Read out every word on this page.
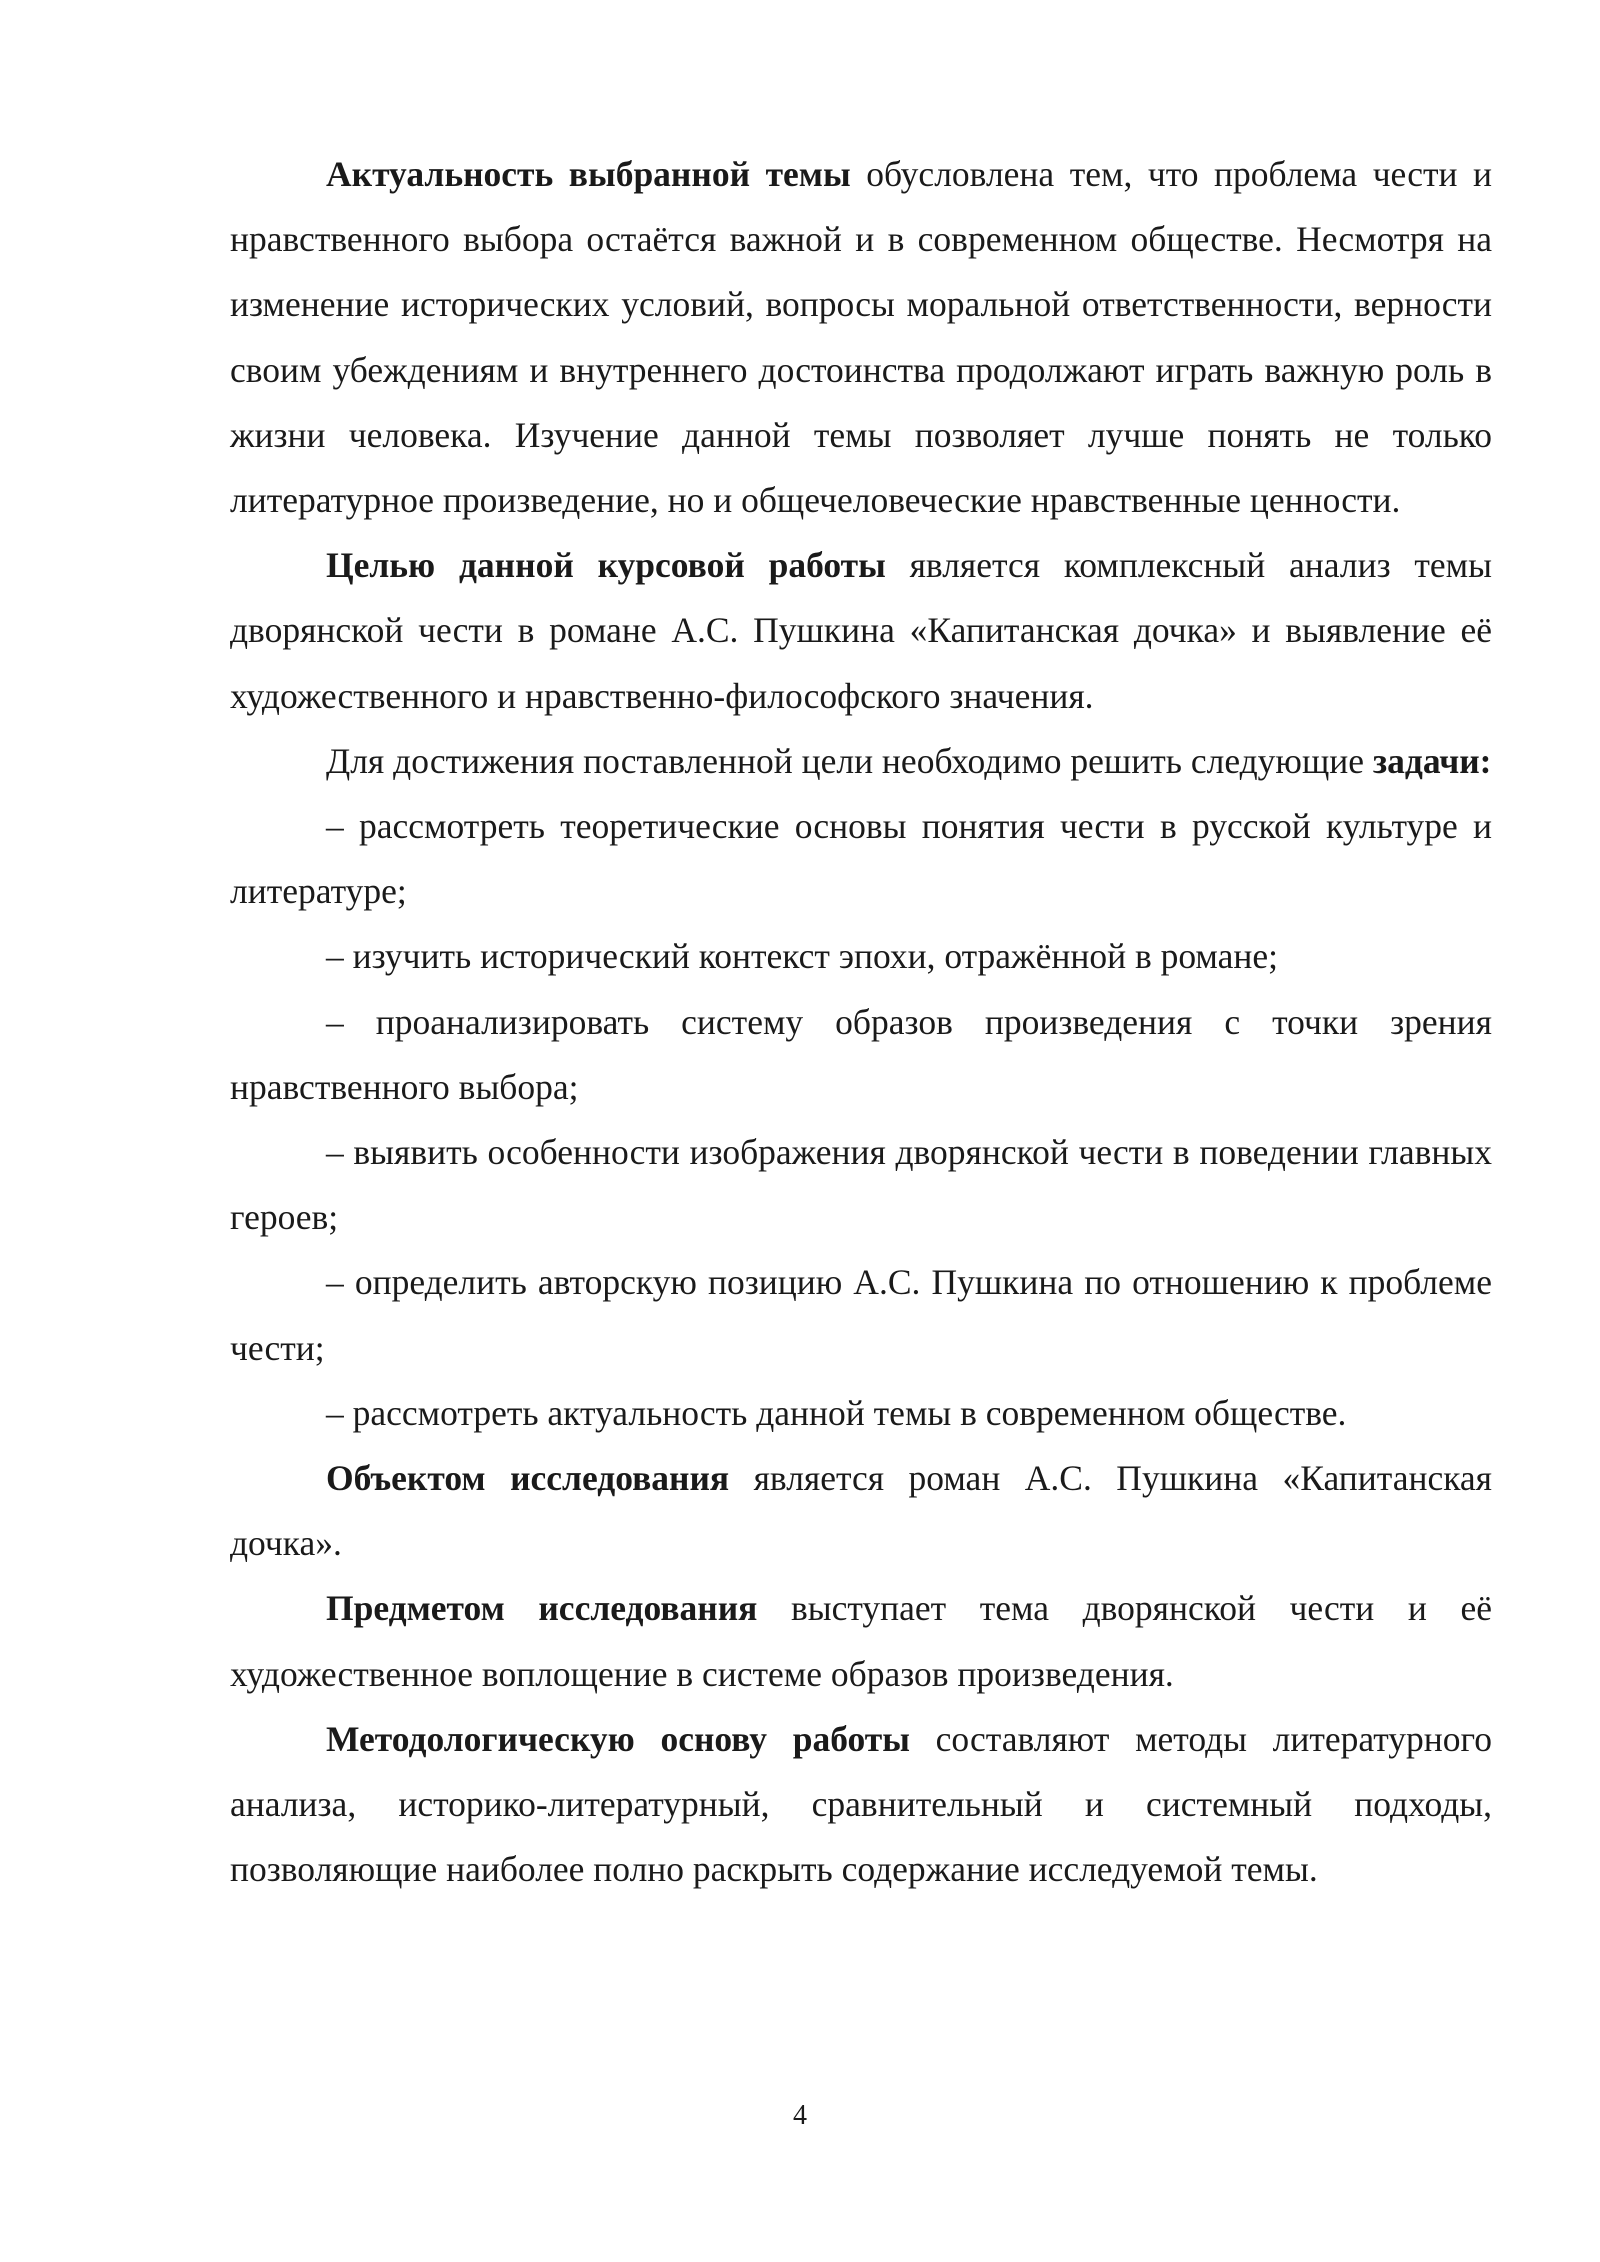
Актуальность выбранной темы обусловлена тем, что проблема чести и нравственного выбора остаётся важной и в современном обществе. Несмотря на изменение исторических условий, вопросы моральной ответственности, верности своим убеждениям и внутреннего достоинства продолжают играть важную роль в жизни человека. Изучение данной темы позволяет лучше понять не только литературное произведение, но и общечеловеческие нравственные ценности.

Целью данной курсовой работы является комплексный анализ темы дворянской чести в романе А.С. Пушкина «Капитанская дочка» и выявление её художественного и нравственно-философского значения.

Для достижения поставленной цели необходимо решить следующие задачи:

– рассмотреть теоретические основы понятия чести в русской культуре и литературе;

– изучить исторический контекст эпохи, отражённой в романе;

– проанализировать систему образов произведения с точки зрения нравственного выбора;

– выявить особенности изображения дворянской чести в поведении главных героев;

– определить авторскую позицию А.С. Пушкина по отношению к проблеме чести;

– рассмотреть актуальность данной темы в современном обществе.

Объектом исследования является роман А.С. Пушкина «Капитанская дочка».

Предметом исследования выступает тема дворянской чести и её художественное воплощение в системе образов произведения.

Методологическую основу работы составляют методы литературного анализа, историко-литературный, сравнительный и системный подходы, позволяющие наиболее полно раскрыть содержание исследуемой темы.

4
